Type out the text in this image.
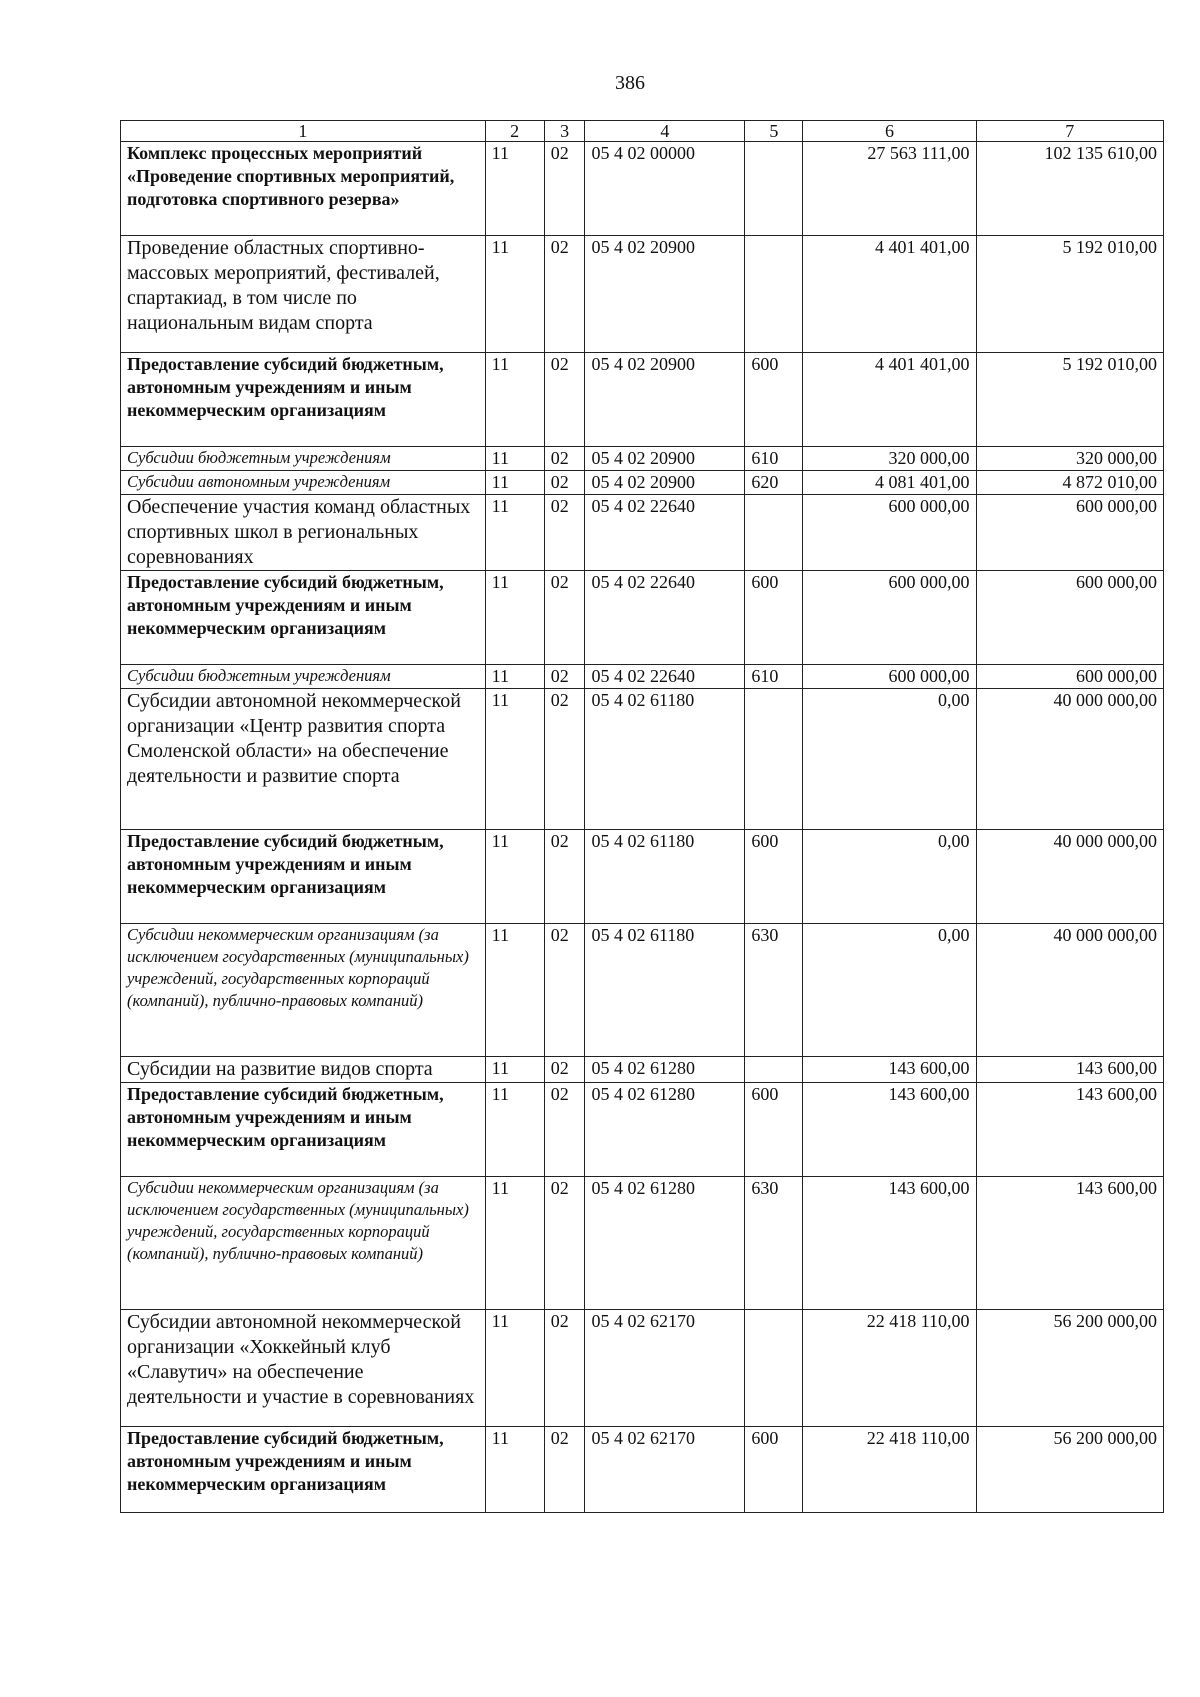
386
1	2	3	4	5	6	7
Комплекс процессных мероприятий «Проведение спортивных мероприятий, подготовка спортивного резерва»	11	02	05 4 02 00000		27 563 111,00	102 135 610,00
Проведение областных спортивно-массовых мероприятий, фестивалей, спартакиад, в том числе по национальным видам спорта	11	02	05 4 02 20900		4 401 401,00	5 192 010,00
Предоставление субсидий бюджетным, автономным учреждениям и иным некоммерческим организациям	11	02	05 4 02 20900	600	4 401 401,00	5 192 010,00
Субсидии бюджетным учреждениям	11	02	05 4 02 20900	610	320 000,00	320 000,00
Субсидии автономным учреждениям	11	02	05 4 02 20900	620	4 081 401,00	4 872 010,00
Обеспечение участия команд областных спортивных школ в региональных соревнованиях	11	02	05 4 02 22640		600 000,00	600 000,00
Предоставление субсидий бюджетным, автономным учреждениям и иным некоммерческим организациям	11	02	05 4 02 22640	600	600 000,00	600 000,00
Субсидии бюджетным учреждениям	11	02	05 4 02 22640	610	600 000,00	600 000,00
Субсидии автономной некоммерческой организации «Центр развития спорта Смоленской области» на обеспечение деятельности и развитие спорта	11	02	05 4 02 61180		0,00	40 000 000,00
Предоставление субсидий бюджетным, автономным учреждениям и иным некоммерческим организациям	11	02	05 4 02 61180	600	0,00	40 000 000,00
Субсидии некоммерческим организациям (за исключением государственных (муниципальных) учреждений, государственных корпораций (компаний), публично-правовых компаний)	11	02	05 4 02 61180	630	0,00	40 000 000,00
Субсидии на развитие видов спорта	11	02	05 4 02 61280		143 600,00	143 600,00
Предоставление субсидий бюджетным, автономным учреждениям и иным некоммерческим организациям	11	02	05 4 02 61280	600	143 600,00	143 600,00
Субсидии некоммерческим организациям (за исключением государственных (муниципальных) учреждений, государственных корпораций (компаний), публично-правовых компаний)	11	02	05 4 02 61280	630	143 600,00	143 600,00
Субсидии автономной некоммерческой организации «Хоккейный клуб «Славутич» на обеспечение деятельности и участие в соревнованиях	11	02	05 4 02 62170		22 418 110,00	56 200 000,00
Предоставление субсидий бюджетным, автономным учреждениям и иным некоммерческим организациям	11	02	05 4 02 62170	600	22 418 110,00	56 200 000,00
